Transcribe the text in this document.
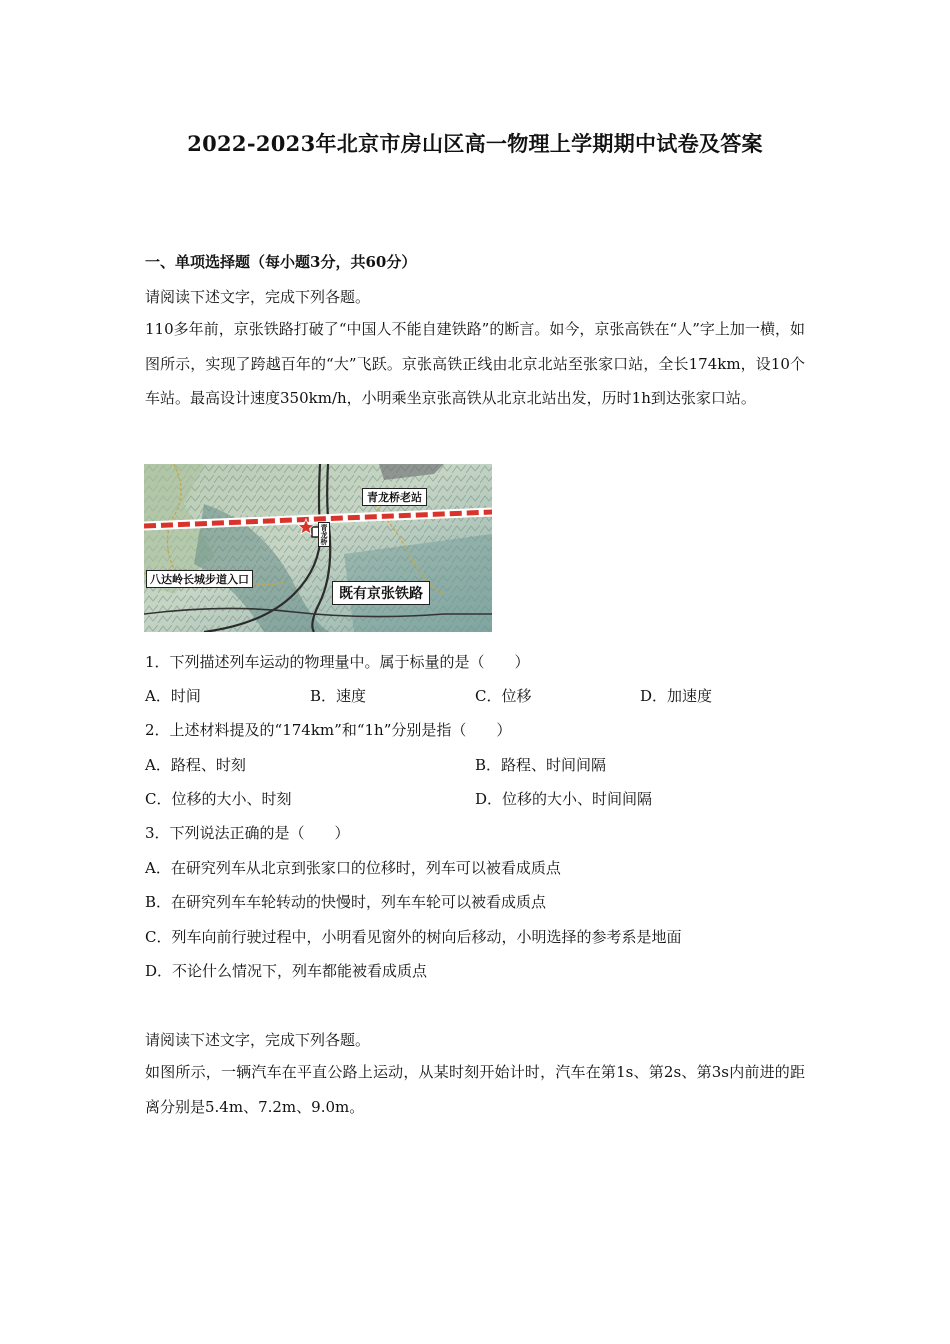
2022-2023年北京市房山区高一物理上学期期中试卷及答案
一、单项选择题（每小题3分，共60分）
请阅读下述文字，完成下列各题。
110多年前，京张铁路打破了“中国人不能自建铁路”的断言。如今，京张高铁在“人”字上加一横，如图所示，实现了跨越百年的“大”飞跃。京张高铁正线由北京北站至张家口站，全长174km，设10个车站。最高设计速度350km/h，小明乘坐京张高铁从北京北站出发，历时1h到达张家口站。
青龙桥老站
青龙桥
八达岭长城步道入口
既有京张铁路
1．下列描述列车运动的物理量中。属于标量的是（　　）
A．时间	B．速度	C．位移	D．加速度
2．上述材料提及的“174km”和“1h”分别是指（　　）
A．路程、时刻	B．路程、时间间隔
C．位移的大小、时刻	D．位移的大小、时间间隔
3．下列说法正确的是（　　）
A．在研究列车从北京到张家口的位移时，列车可以被看成质点
B．在研究列车车轮转动的快慢时，列车车轮可以被看成质点
C．列车向前行驶过程中，小明看见窗外的树向后移动，小明选择的参考系是地面
D．不论什么情况下，列车都能被看成质点
请阅读下述文字，完成下列各题。
如图所示，一辆汽车在平直公路上运动，从某时刻开始计时，汽车在第1s、第2s、第3s内前进的距离分别是5.4m、7.2m、9.0m。
